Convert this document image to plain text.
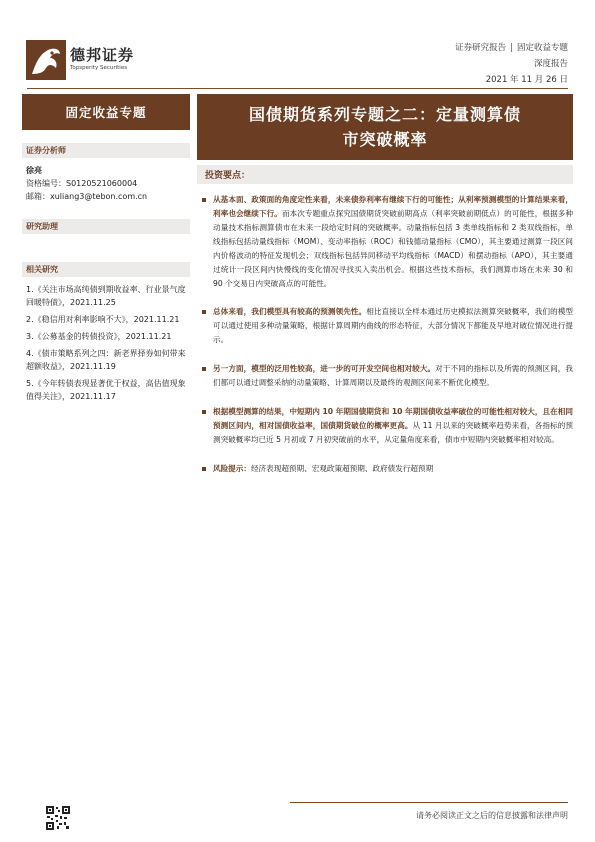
德邦证券
Topsperity Securities
证券研究报告 | 固定收益专题
深度报告
2021 年 11 月 26 日
固定收益专题
证券分析师
徐亮
资格编号：S0120521060004
邮箱：xuliang3@tebon.com.cn
研究助理
相关研究
1.《关注市场高纯债到期收益率、行业景气度回暖特债》，2021.11.25
2.《稳信用对利率影响不大》，2021.11.21
3.《公募基金的转债投资》，2021.11.21
4.《债市策略系列之四：新老界择券如何带来超额收益》，2021.11.19
5.《今年转债表现显著优于权益，高估值现象值得关注》，2021.11.17
国债期货系列专题之二：定量测算债
市突破概率
投资要点：
从基本面、政策面的角度定性来看，未来债券利率有继续下行的可能性；从利率预测模型的计算结果来看，利率也会继续下行。而本次专题重点探究国债期货突破前期高点（利率突破前期低点）的可能性，根据多种动量技术指标测算债市在未来一段给定时间的突破概率。动量指标包括 3 类单线指标和 2 类双线指标，单线指标包括动量线指标（MOM）、变动率指标（ROC）和钱德动量指标（CMO），其主要通过测算一段区间内价格波动的特征发现机会；双线指标包括异同移动平均线指标（MACD）和摆动指标（APO），其主要通过统计一段区间内快慢线的变化情况寻找买入卖出机会。根据这些技术指标，我们测算市场在未来 30 和 90 个交易日内突破高点的可能性。
总体来看，我们模型具有较高的预测领先性。相比直接以全样本通过历史模拟法测算突破概率，我们的模型可以通过使用多种动量策略，根据计算周期内曲线的形态特征，大部分情况下都能及早地对破位情况进行提示。
另一方面，模型的泛用性较高，进一步的可开发空间也相对较大。对于不同的指标以及所需的预测区间，我们都可以通过调整采纳的动量策略、计算周期以及最终的观测区间来不断优化模型。
根据模型测算的结果，中短期内 10 年期国债期货和 10 年期国债收益率破位的可能性相对较大，且在相同预测区间内，相对国债收益率，国债期货破位的概率更高。从 11 月以来的突破概率趋势来看，各指标的预测突破概率均已近 5 月初或 7 月初突破前的水平，从定量角度来看，债市中短期内突破概率相对较高。
风险提示：经济表现超预期、宏观政策超预期、政府债发行超预期
请务必阅读正文之后的信息披露和法律声明
